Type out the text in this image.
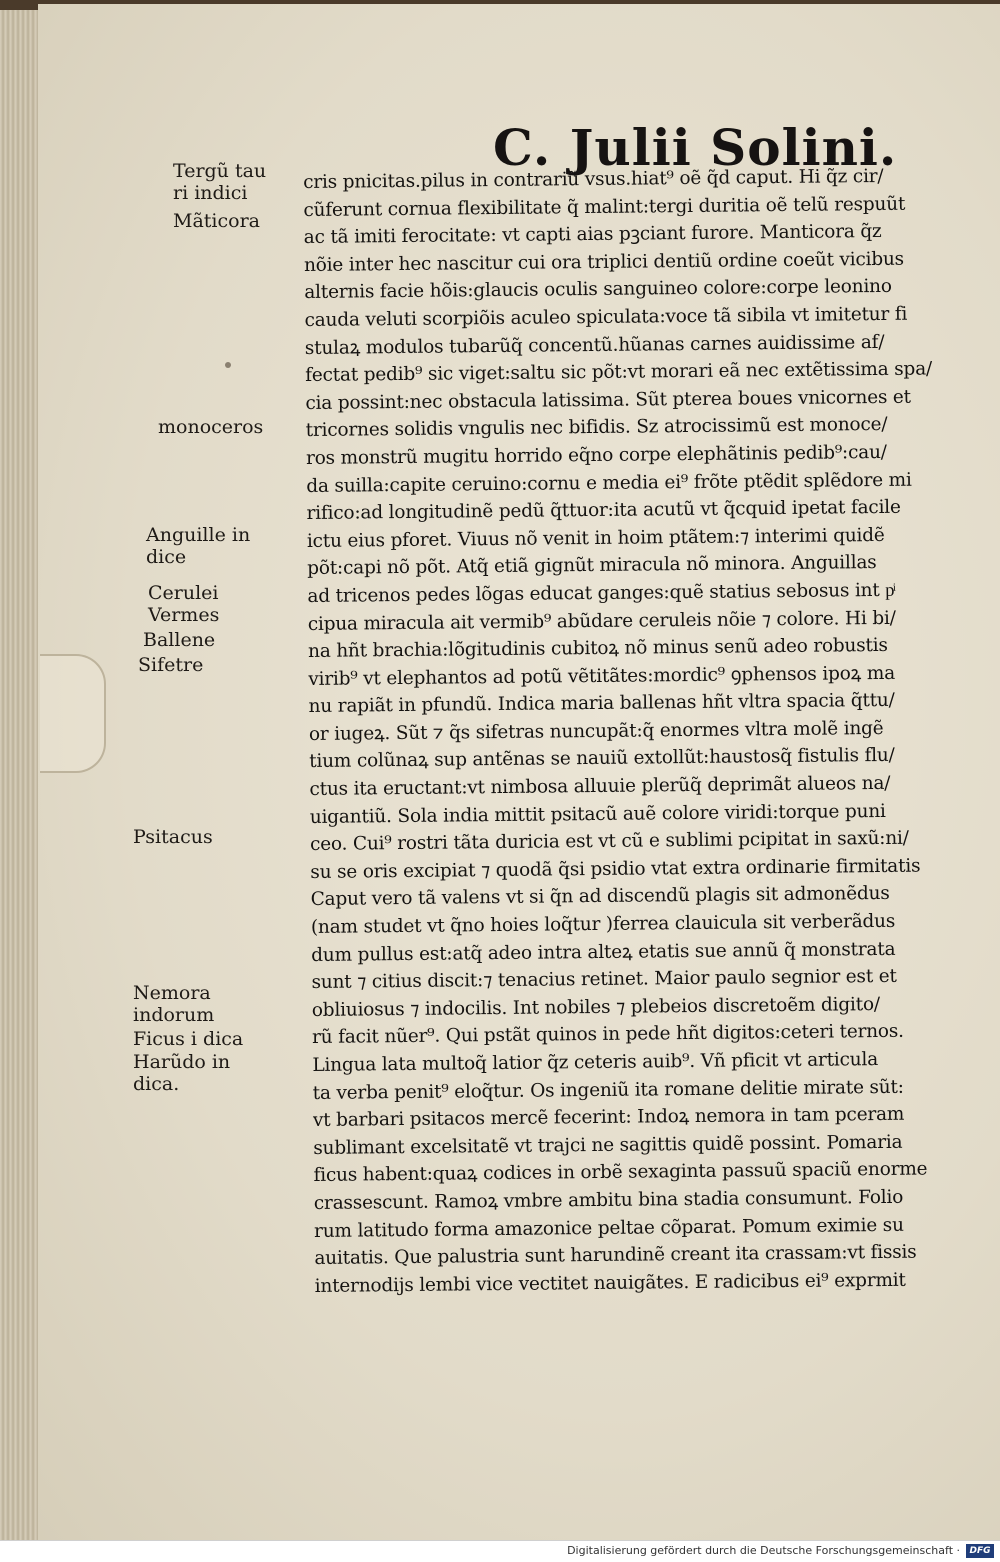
C. Julii Solini.

Tergũ tau
ri indici

Mãticora

monoceros

Anguille in
dice

Cerulei
Vermes

Ballene

Sifetre

Psitacus

Nemora
indorum

Ficus i dica

Harũdo in
dica.

cris pnicitas.pilus in contrariũ vsus.hiat⁹ oẽ q̃d caput. Hi q̃z cir/
cũferunt cornua flexibilitate q̃ malint:tergi duritia oẽ telũ respuũt
ac tã imiti ferocitate: vt capti aias pꝫciant furore. Manticora q̃z
nõie inter hec nascitur cui ora triplici dentiũ ordine coeũt vicibus
alternis facie hõis:glaucis oculis sanguineo colore:corpe leonino
cauda veluti scorpiõis aculeo spiculata:voce tã sibila vt imitetur fi
stulaꝝ modulos tubarũq̃ concentũ.hũanas carnes auidissime af/
fectat pedib⁹ sic viget:saltu sic põt:vt morari eã nec extẽtissima spa/
cia possint:nec obstacula latissima. Sũt pterea boues vnicornes et
tricornes solidis vngulis nec bifidis. Sz atrocissimũ est monoce/
ros monstrũ mugitu horrido eq̃no corpe elephãtinis pedib⁹:cau/
da suilla:capite ceruino:cornu e media ei⁹ frõte ptẽdit splẽdore mi
rifico:ad longitudinẽ pedũ q̃ttuor:ita acutũ vt q̃cquid ipetat facile
ictu eius pforet. Viuus nõ venit in hoim ptãtem:⁊ interimi quidẽ
põt:capi nõ põt. Atq̃ etiã gignũt miracula nõ minora. Anguillas
ad tricenos pedes lõgas educat ganges:quẽ statius sebosus int pͥ
cipua miracula ait vermib⁹ abũdare ceruleis nõie ⁊ colore. Hi bi/
na hñt brachia:lõgitudinis cubitoꝝ nõ minus senũ adeo robustis
virib⁹ vt elephantos ad potũ vẽtitãtes:mordic⁹ ꝯphensos ipoꝝ ma
nu rapiãt in pfundũ. Indica maria ballenas hñt vltra spacia q̃ttu/
or iugeꝝ. Sũt ⁊ q̃s sifetras nuncupãt:q̃ enormes vltra molẽ ingẽ
tium colũnaꝝ sup antẽnas se nauiũ extollũt:haustosq̃ fistulis flu/
ctus ita eructant:vt nimbosa alluuie plerũq̃ deprimãt alueos na/
uigantiũ. Sola india mittit psitacũ auẽ colore viridi:torque puni
ceo. Cui⁹ rostri tãta duricia est vt cũ e sublimi pcipitat in saxũ:ni/
su se oris excipiat ⁊ quodã q̃si psidio vtat extra ordinarie firmitatis
Caput vero tã valens vt si q̃n ad discendũ plagis sit admonẽdus
(nam studet vt q̃no hoies loq̃tur )ferrea clauicula sit verberãdus
dum pullus est:atq̃ adeo intra alteꝝ etatis sue annũ q̃ monstrata
sunt ⁊ citius discit:⁊ tenacius retinet. Maior paulo segnior est et
obliuiosus ⁊ indocilis. Int nobiles ⁊ plebeios discretoẽm digito/
rũ facit nũer⁹. Qui pstãt quinos in pede hñt digitos:ceteri ternos.
Lingua lata multoq̃ latior q̃z ceteris auib⁹. Vñ pficit vt articula
ta verba penit⁹ eloq̃tur. Os ingeniũ ita romane delitie mirate sũt:
vt barbari psitacos mercẽ fecerint: Indoꝝ nemora in tam pceram
sublimant excelsitatẽ vt trajci ne sagittis quidẽ possint. Pomaria
ficus habent:quaꝝ codices in orbẽ sexaginta passuũ spaciũ enorme
crassescunt. Ramoꝝ vmbre ambitu bina stadia consumunt. Folio
rum latitudo forma amazonice peltae cõparat. Pomum eximie su
auitatis. Que palustria sunt harundinẽ creant ita crassam:vt fissis
internodijs lembi vice vectitet nauigãtes. E radicibus ei⁹ exprmit

Digitalisierung gefördert durch die Deutsche Forschungsgemeinschaft ·	DFG
